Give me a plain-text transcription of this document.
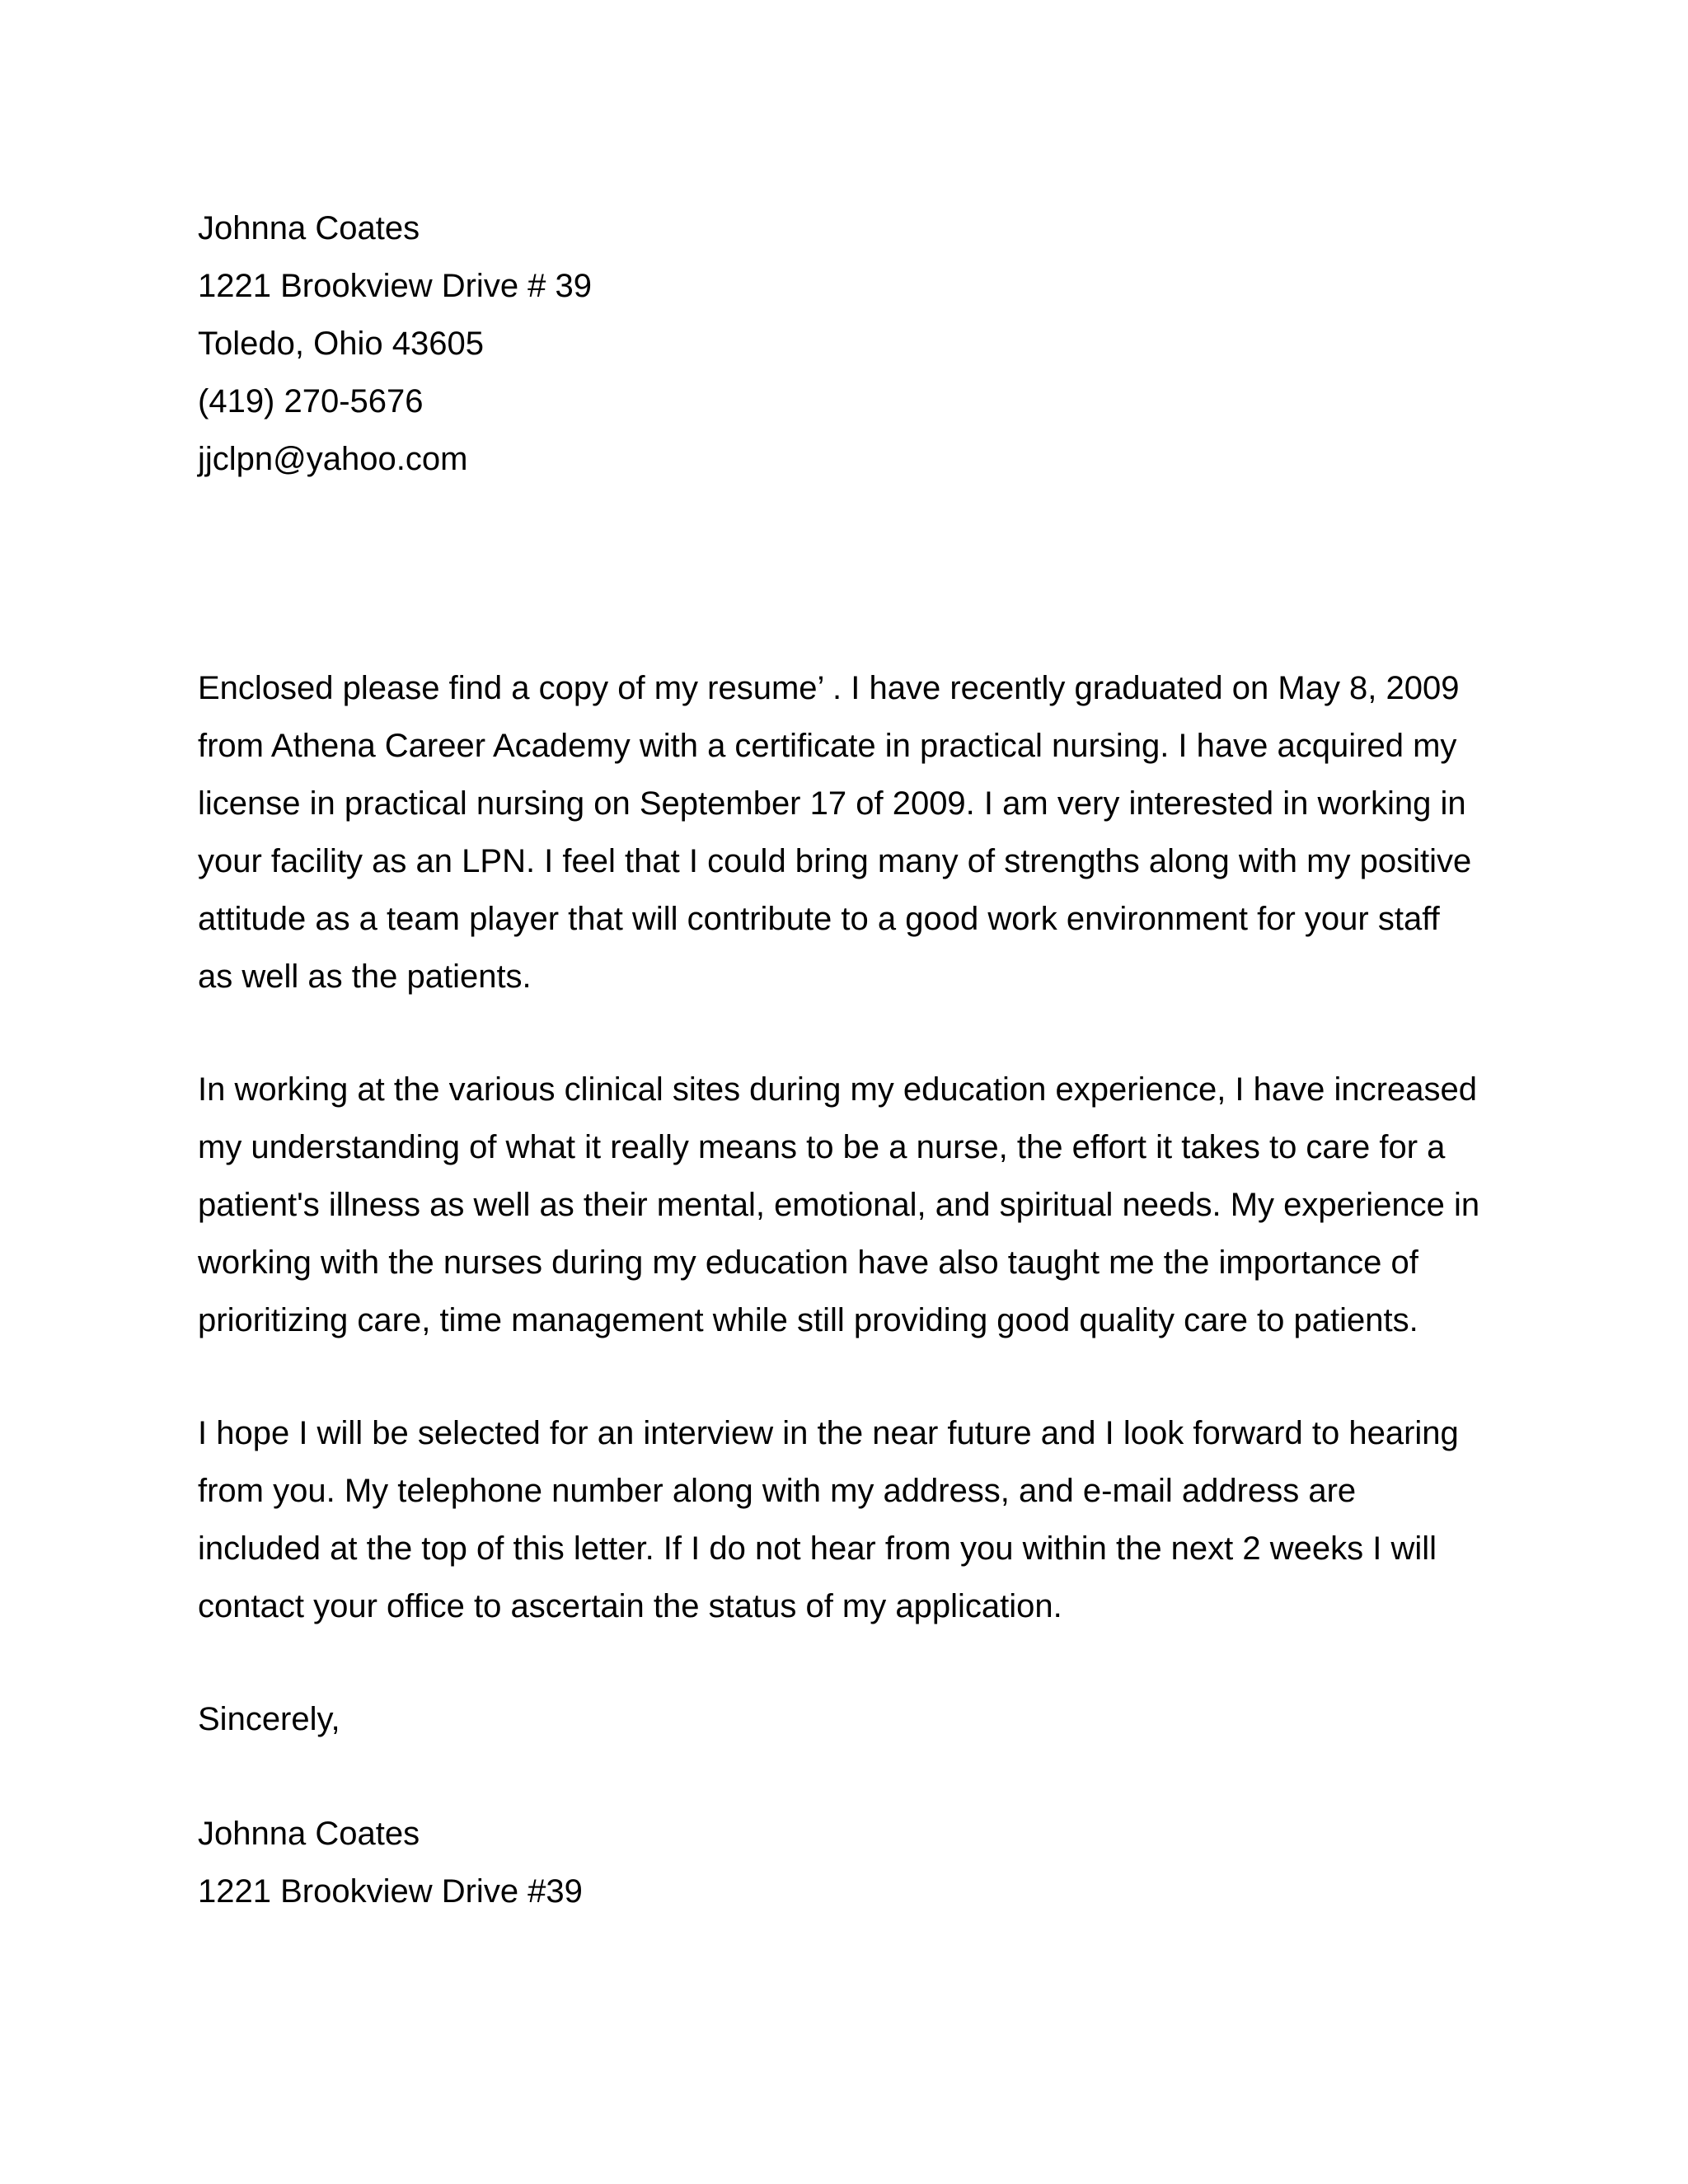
Johnna Coates
1221 Brookview Drive # 39
Toledo, Ohio 43605
(419) 270-5676
jjclpn@yahoo.com
Enclosed please find a copy of my resume’ . I have recently graduated on May 8, 2009
from Athena Career Academy with a certificate in practical nursing. I have acquired my
license in practical nursing on September 17 of 2009. I am very interested in working in
your facility as an LPN. I feel that I could bring many of strengths along with my positive
attitude as a team player that will contribute to a good work environment for your staff
as well as the patients.
In working at the various clinical sites during my education experience, I have increased
my understanding of what it really means to be a nurse, the effort it takes to care for a
patient's illness as well as their mental, emotional, and spiritual needs. My experience in
working with the nurses during my education have also taught me the importance of
prioritizing care, time management while still providing good quality care to patients.
I hope I will be selected for an interview in the near future and I look forward to hearing
from you. My telephone number along with my address, and e-mail address are
included at the top of this letter. If I do not hear from you within the next 2 weeks I will
contact your office to ascertain the status of my application.
Sincerely,
Johnna Coates
1221 Brookview Drive #39
